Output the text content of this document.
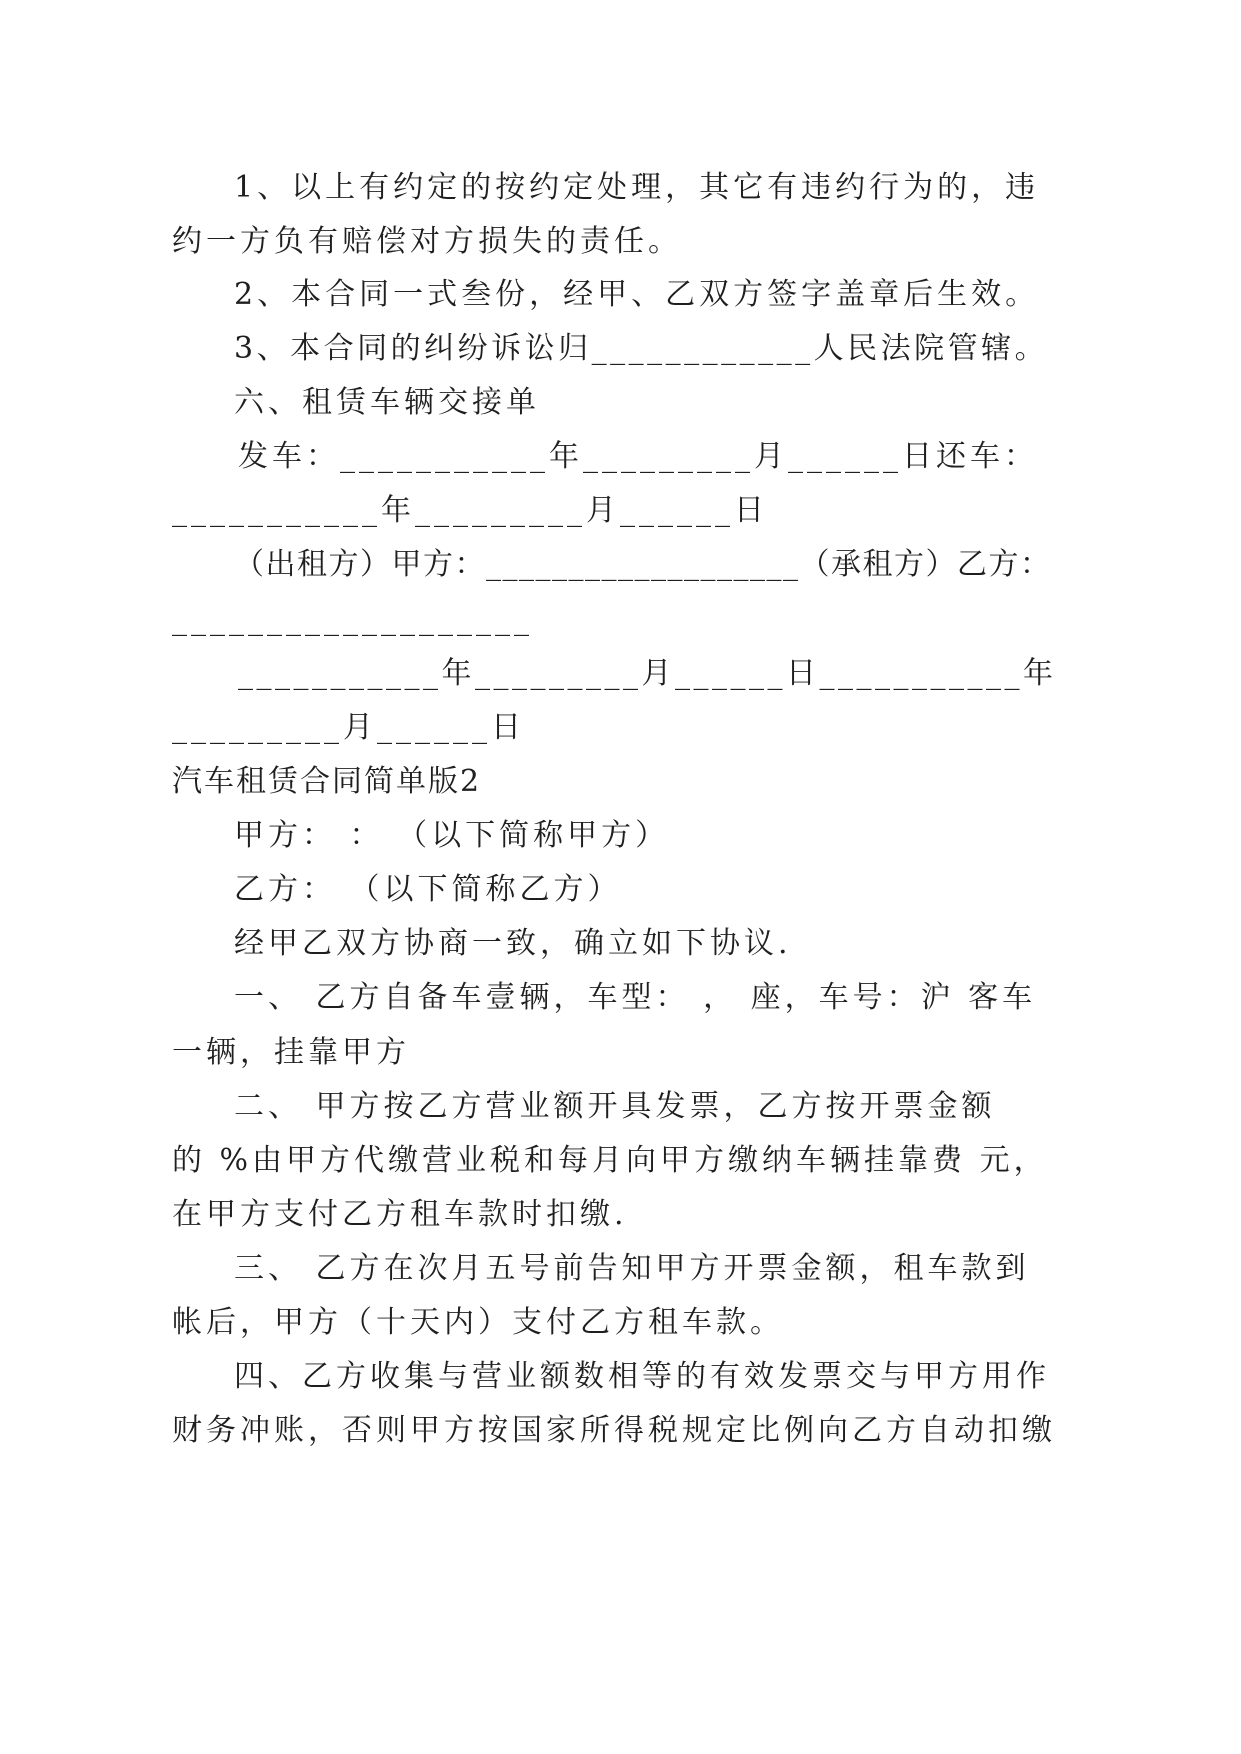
1、以上有约定的按约定处理，其它有违约行为的，违
约一方负有赔偿对方损失的责任。
2、本合同一式叁份，经甲、乙双方签字盖章后生效。
3、本合同的纠纷诉讼归____________人民法院管辖。
六、租赁车辆交接单
发车：___________年_________月______日还车：
___________年_________月______日
（出租方）甲方：___________________（承租方）乙方：
___________________
___________年_________月______日___________年
_________月______日
汽车租赁合同简单版2
甲方： ： （以下简称甲方）
乙方： （以下简称乙方）
经甲乙双方协商一致，确立如下协议.
一、 乙方自备车壹辆，车型： ， 座，车号：沪 客车
一辆，挂靠甲方
二、 甲方按乙方营业额开具发票，乙方按开票金额
的 %由甲方代缴营业税和每月向甲方缴纳车辆挂靠费 元，
在甲方支付乙方租车款时扣缴.
三、 乙方在次月五号前告知甲方开票金额，租车款到
帐后，甲方（十天内）支付乙方租车款。
四、乙方收集与营业额数相等的有效发票交与甲方用作
财务冲账，否则甲方按国家所得税规定比例向乙方自动扣缴
